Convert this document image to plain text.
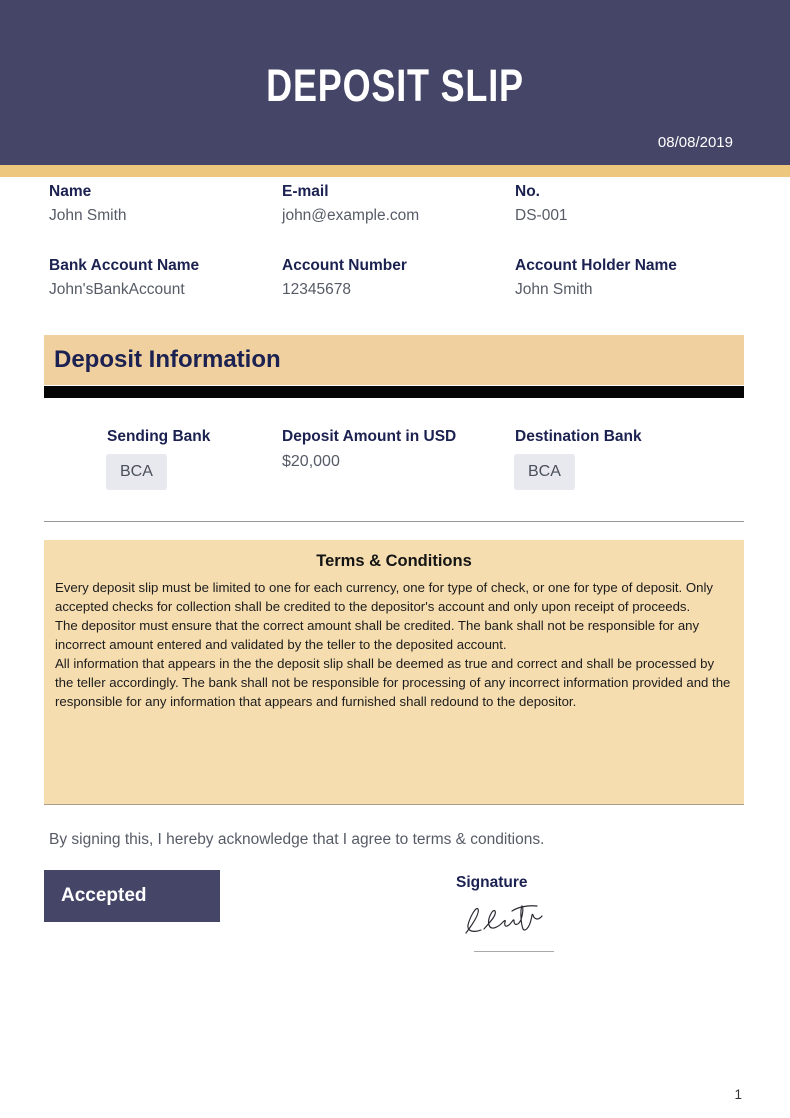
DEPOSIT SLIP
08/08/2019
Name
John Smith
E-mail
john@example.com
No.
DS-001
Bank Account Name
John'sBankAccount
Account Number
12345678
Account Holder Name
John Smith
Deposit Information
Sending Bank
BCA
Deposit Amount in USD
$20,000
Destination Bank
BCA
Terms & Conditions

Every deposit slip must be limited to one for each currency, one for type of check, or one for type of deposit. Only accepted checks for collection shall be credited to the depositor's account and only upon receipt of proceeds.

The depositor must ensure that the correct amount shall be credited. The bank shall not be responsible for any incorrect amount entered and validated by the teller to the deposited account.

All information that appears in the the deposit slip shall be deemed as true and correct and shall be processed by the teller accordingly. The bank shall not be responsible for processing of any incorrect information provided and the responsible for any information that appears and furnished shall redound to the depositor.

By signing this, I hereby acknowledge that I agree to terms & conditions.
Accepted
Signature
1
